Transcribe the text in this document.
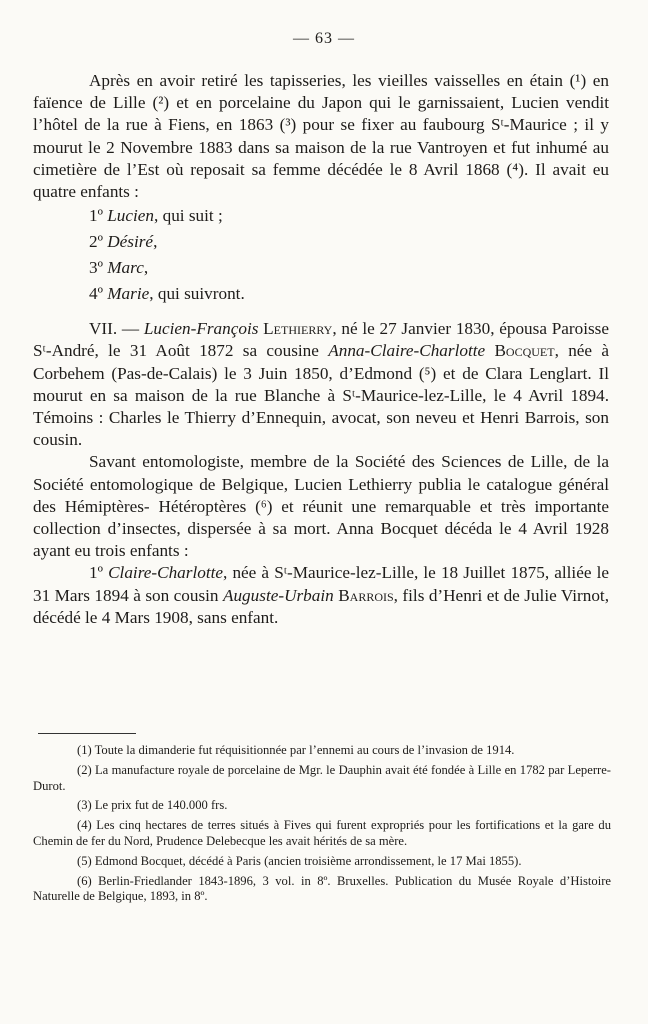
— 63 —

Après en avoir retiré les tapisseries, les vieilles vaisselles en étain (¹) en faïence de Lille (²) et en porcelaine du Japon qui le garnissaient, Lucien vendit l’hôtel de la rue à Fiens, en 1863 (³) pour se fixer au faubourg Sᵗ-Maurice ; il y mourut le 2 Novembre 1883 dans sa maison de la rue Vantroyen et fut inhumé au cimetière de l’Est où reposait sa femme décédée le 8 Avril 1868 (⁴). Il avait eu quatre enfants :

1º Lucien, qui suit ;
2º Désiré,
3º Marc,
4º Marie, qui suivront.

VII. — Lucien-François Lethierry, né le 27 Janvier 1830, épousa Paroisse Sᵗ-André, le 31 Août 1872 sa cousine Anna-Claire-Charlotte Bocquet, née à Corbehem (Pas-de-Calais) le 3 Juin 1850, d’Edmond (⁵) et de Clara Lenglart. Il mourut en sa maison de la rue Blanche à Sᵗ-Maurice-lez-Lille, le 4 Avril 1894. Témoins : Charles le Thierry d’Ennequin, avocat, son neveu et Henri Barrois, son cousin.

Savant entomologiste, membre de la Société des Sciences de Lille, de la Société entomologique de Belgique, Lucien Lethierry publia le catalogue général des Hémiptères- Hétéroptères (⁶) et réunit une remarquable et très importante collection d’insectes, dispersée à sa mort. Anna Bocquet décéda le 4 Avril 1928 ayant eu trois enfants :

1º Claire-Charlotte, née à Sᵗ-Maurice-lez-Lille, le 18 Juillet 1875, alliée le 31 Mars 1894 à son cousin Auguste-Urbain Barrois, fils d’Henri et de Julie Virnot, décédé le 4 Mars 1908, sans enfant.

(1) Toute la dimanderie fut réquisitionnée par l’ennemi au cours de l’invasion de 1914.

(2) La manufacture royale de porcelaine de Mgr. le Dauphin avait été fondée à Lille en 1782 par Leperre-Durot.

(3) Le prix fut de 140.000 frs.

(4) Les cinq hectares de terres situés à Fives qui furent expropriés pour les fortifications et la gare du Chemin de fer du Nord, Prudence Delebecque les avait hérités de sa mère.

(5) Edmond Bocquet, décédé à Paris (ancien troisième arrondissement, le 17 Mai 1855).

(6) Berlin-Friedlander 1843-1896, 3 vol. in 8º. Bruxelles. Publication du Musée Royale d’Histoire Naturelle de Belgique, 1893, in 8º.
